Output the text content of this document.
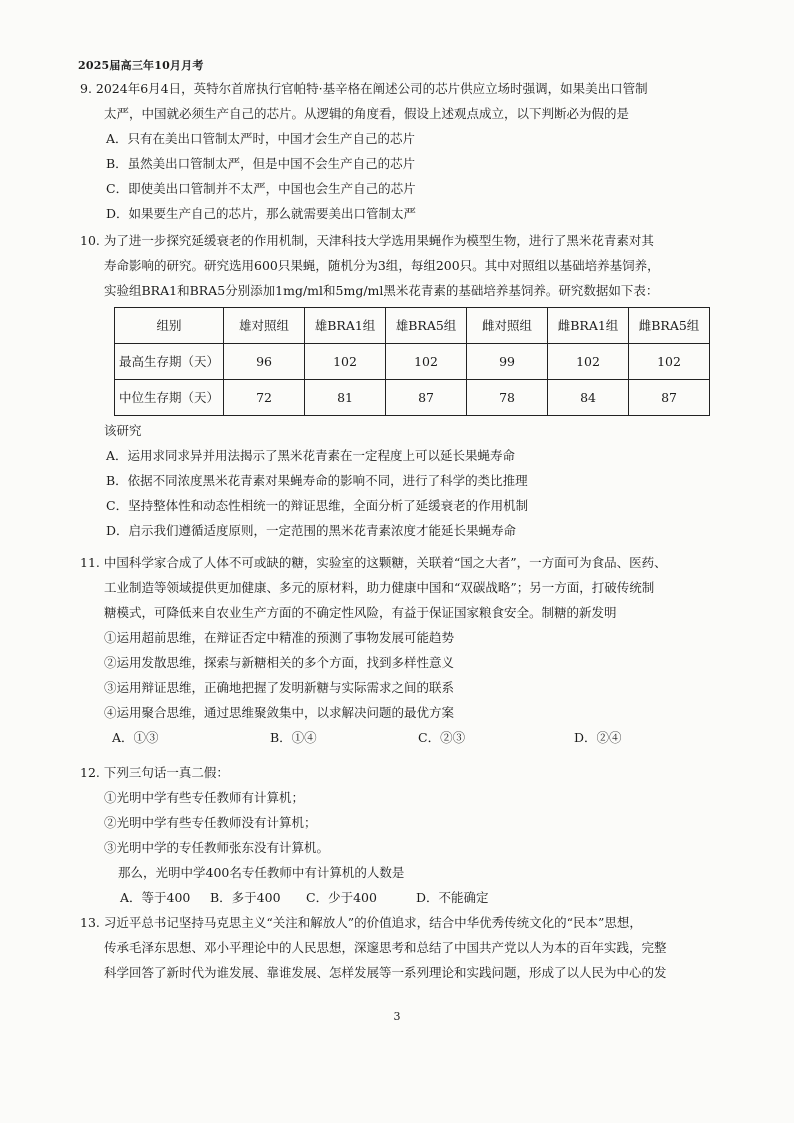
2025届高三年10月月考
9. 2024年6月4日，英特尔首席执行官帕特·基辛格在阐述公司的芯片供应立场时强调，如果美出口管制
太严，中国就必须生产自己的芯片。从逻辑的角度看，假设上述观点成立，以下判断必为假的是
A．只有在美出口管制太严时，中国才会生产自己的芯片
B．虽然美出口管制太严，但是中国不会生产自己的芯片
C．即使美出口管制并不太严，中国也会生产自己的芯片
D．如果要生产自己的芯片，那么就需要美出口管制太严
10. 为了进一步探究延缓衰老的作用机制，天津科技大学选用果蝇作为模型生物，进行了黑米花青素对其
寿命影响的研究。研究选用600只果蝇，随机分为3组，每组200只。其中对照组以基础培养基饲养，
实验组BRA1和BRA5分别添加1mg/ml和5mg/ml黑米花青素的基础培养基饲养。研究数据如下表：
组别	雄对照组	雄BRA1组	雄BRA5组	雌对照组	雌BRA1组	雌BRA5组
最高生存期（天）	96	102	102	99	102	102
中位生存期（天）	72	81	87	78	84	87
该研究
A．运用求同求异并用法揭示了黑米花青素在一定程度上可以延长果蝇寿命
B．依据不同浓度黑米花青素对果蝇寿命的影响不同，进行了科学的类比推理
C．坚持整体性和动态性相统一的辩证思维，全面分析了延缓衰老的作用机制
D．启示我们遵循适度原则，一定范围的黑米花青素浓度才能延长果蝇寿命
11. 中国科学家合成了人体不可或缺的糖，实验室的这颗糖，关联着“国之大者”，一方面可为食品、医药、
工业制造等领域提供更加健康、多元的原材料，助力健康中国和“双碳战略”；另一方面，打破传统制
糖模式，可降低来自农业生产方面的不确定性风险，有益于保证国家粮食安全。制糖的新发明
①运用超前思维，在辩证否定中精准的预测了事物发展可能趋势
②运用发散思维，探索与新糖相关的多个方面，找到多样性意义
③运用辩证思维，正确地把握了发明新糖与实际需求之间的联系
④运用聚合思维，通过思维聚敛集中，以求解决问题的最优方案
A．①③	B．①④	C．②③	D．②④
12. 下列三句话一真二假：
①光明中学有些专任教师有计算机；
②光明中学有些专任教师没有计算机；
③光明中学的专任教师张东没有计算机。
那么，光明中学400名专任教师中有计算机的人数是
A．等于400	B．多于400	C．少于400	D．不能确定
13. 习近平总书记坚持马克思主义“关注和解放人”的价值追求，结合中华优秀传统文化的“民本”思想，
传承毛泽东思想、邓小平理论中的人民思想，深邃思考和总结了中国共产党以人为本的百年实践，完整
科学回答了新时代为谁发展、靠谁发展、怎样发展等一系列理论和实践问题，形成了以人民为中心的发
3
